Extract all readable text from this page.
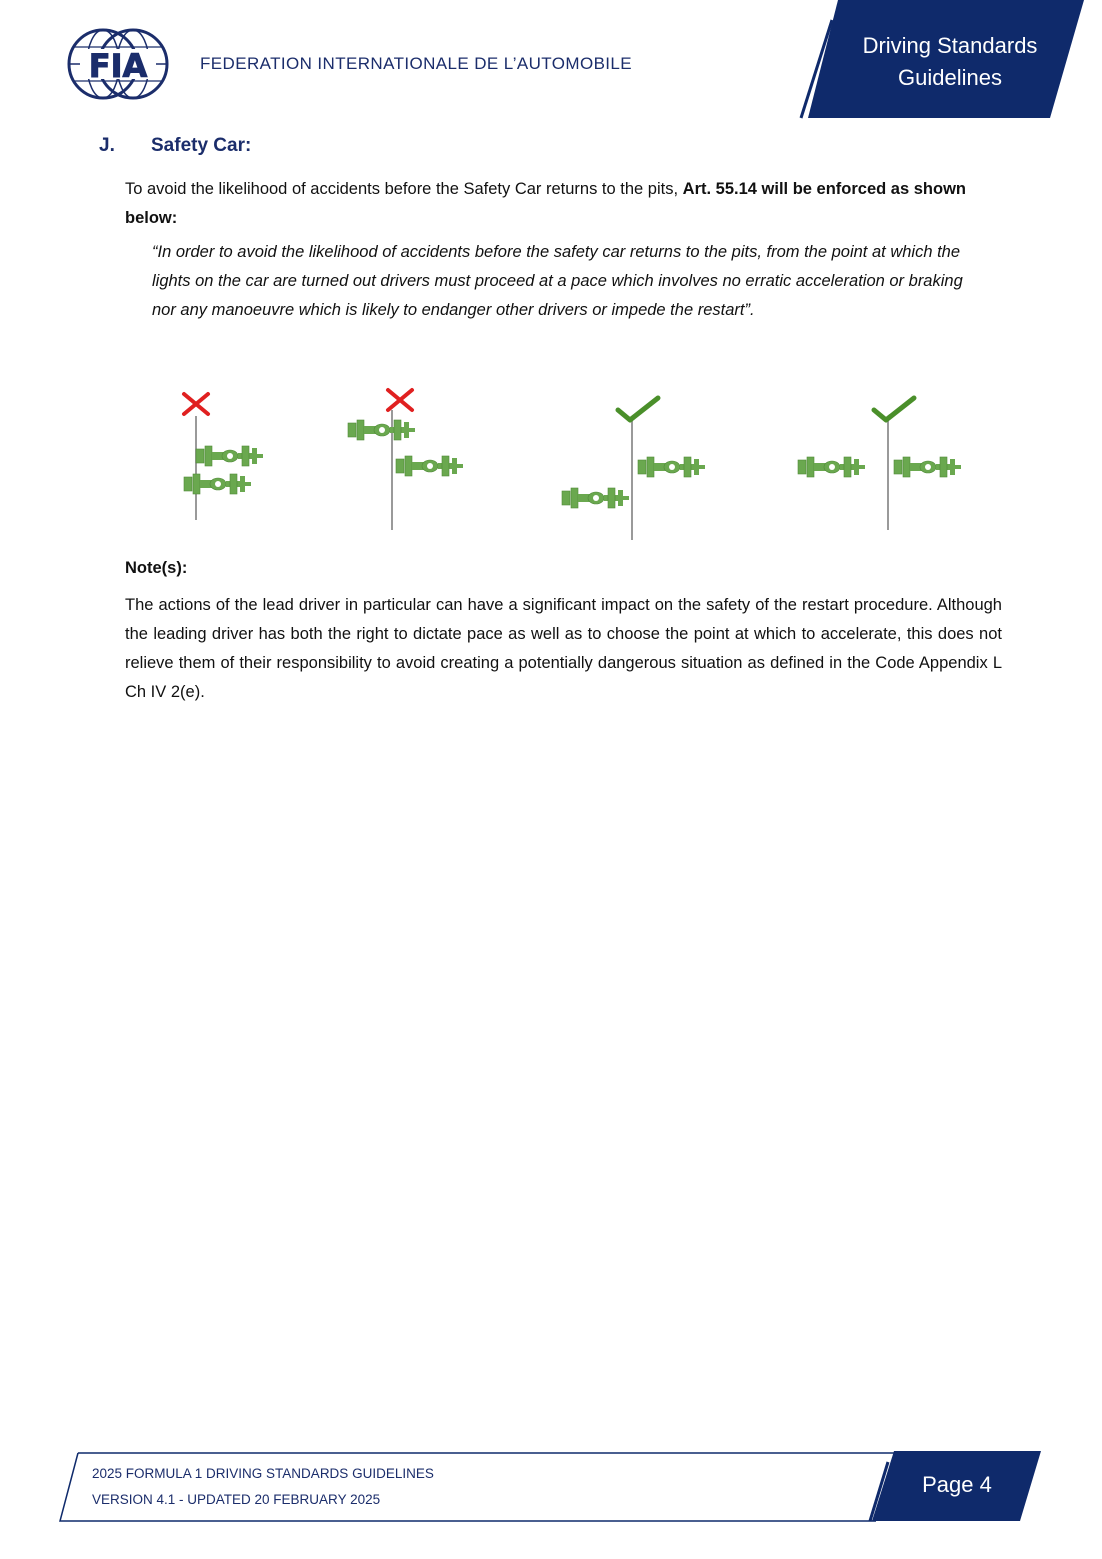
FIA	FEDERATION INTERNATIONALE DE L’AUTOMOBILE
Driving Standards
Guidelines
J. Safety Car:
To avoid the likelihood of accidents before the Safety Car returns to the pits, Art. 55.14 will be enforced as shown below:
“In order to avoid the likelihood of accidents before the safety car returns to the pits, from the point at which the lights on the car are turned out drivers must proceed at a pace which involves no erratic acceleration or braking nor any manoeuvre which is likely to endanger other drivers or impede the restart”.
Note(s):
The actions of the lead driver in particular can have a significant impact on the safety of the restart procedure. Although the leading driver has both the right to dictate pace as well as to choose the point at which to accelerate, this does not relieve them of their responsibility to avoid creating a potentially dangerous situation as defined in the Code Appendix L Ch IV 2(e).
2025 FORMULA 1 DRIVING STANDARDS GUIDELINES
VERSION 4.1 - UPDATED 20 FEBRUARY 2025
Page 4
